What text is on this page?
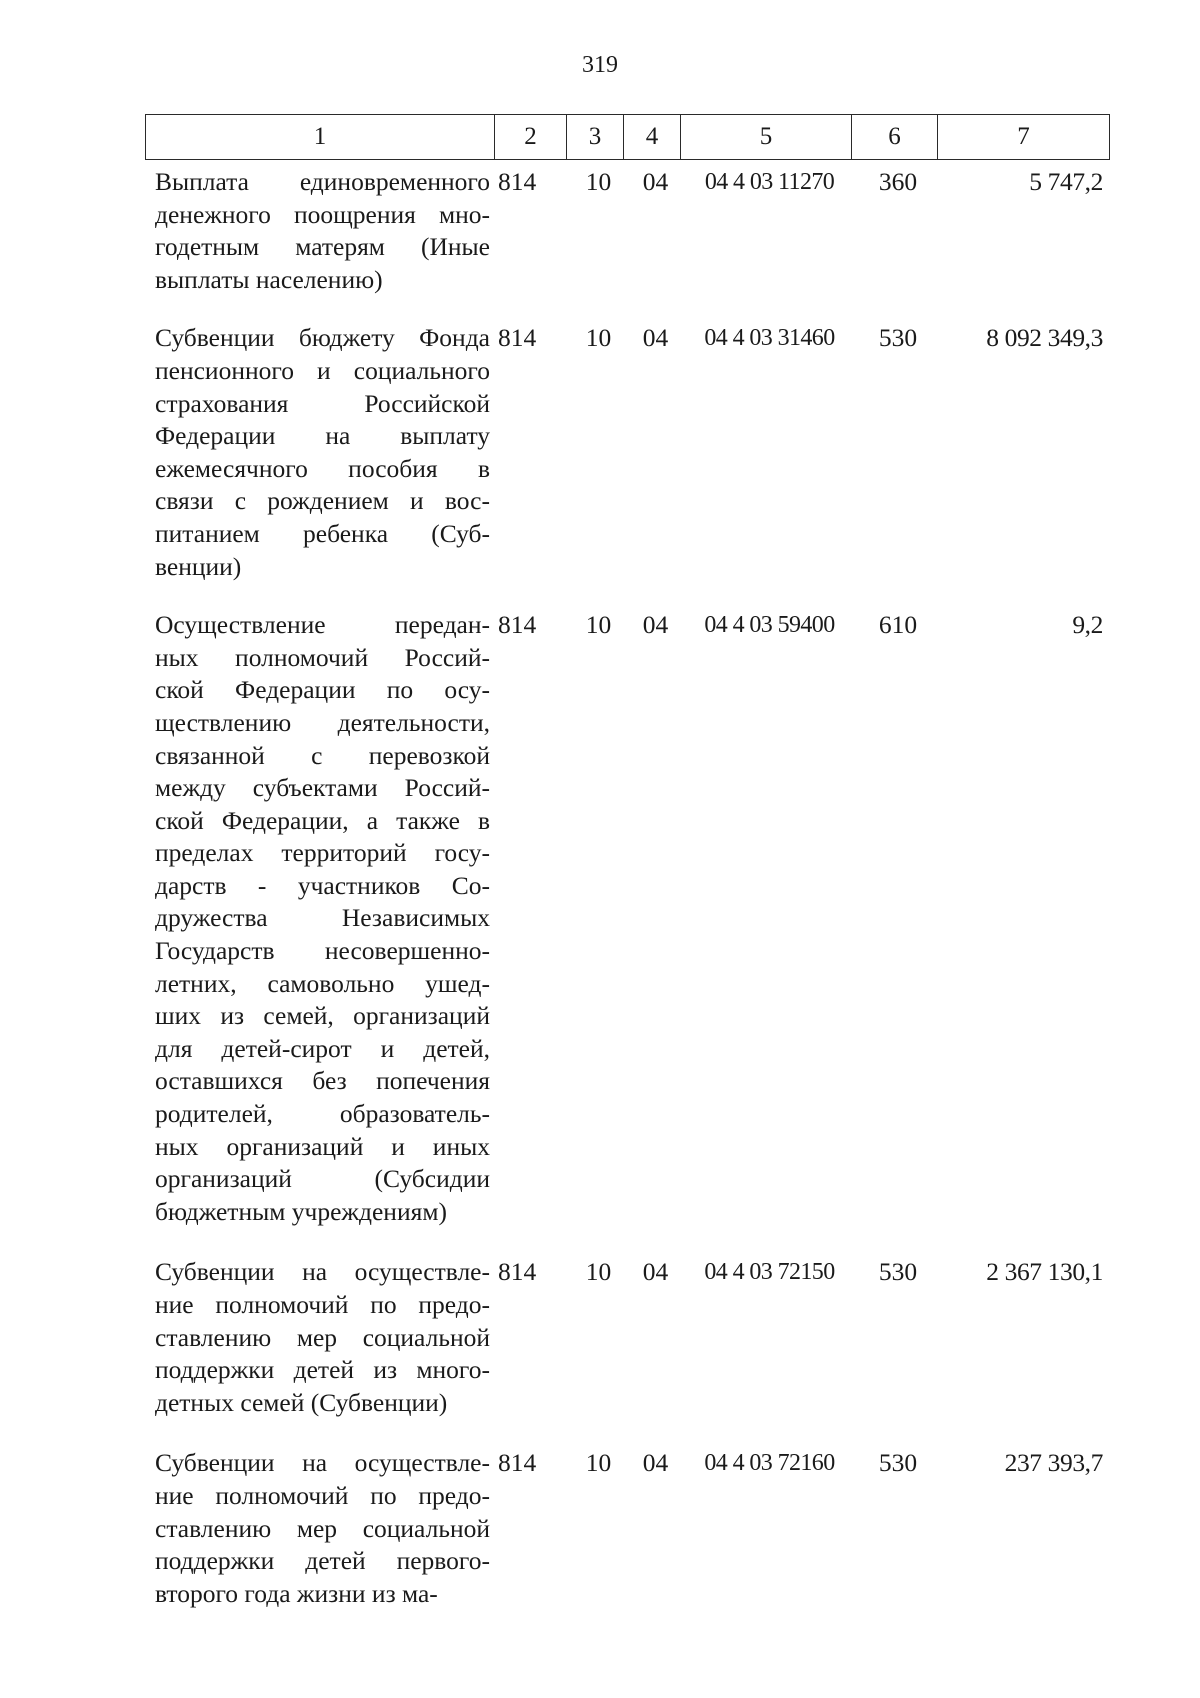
319
1	2	3	4	5	6	7
Выплата единовременного
денежного поощрения мно-
годетным матерям (Иные
выплаты населению)
814	10	04	04 4 03 11270	360	5 747,2
Субвенции бюджету Фонда
пенсионного и социального
страхования Российской
Федерации на выплату
ежемесячного пособия в
связи с рождением и вос-
питанием ребенка (Суб-
венции)
814	10	04	04 4 03 31460	530	8 092 349,3
Осуществление передан-
ных полномочий Россий-
ской Федерации по осу-
ществлению деятельности,
связанной с перевозкой
между субъектами Россий-
ской Федерации, а также в
пределах территорий госу-
дарств - участников Со-
дружества Независимых
Государств несовершенно-
летних, самовольно ушед-
ших из семей, организаций
для детей-сирот и детей,
оставшихся без попечения
родителей, образователь-
ных организаций и иных
организаций (Субсидии
бюджетным учреждениям)
814	10	04	04 4 03 59400	610	9,2
Субвенции на осуществле-
ние полномочий по предо-
ставлению мер социальной
поддержки детей из много-
детных семей (Субвенции)
814	10	04	04 4 03 72150	530	2 367 130,1
Субвенции на осуществле-
ние полномочий по предо-
ставлению мер социальной
поддержки детей первого-
второго года жизни из ма-
814	10	04	04 4 03 72160	530	237 393,7
